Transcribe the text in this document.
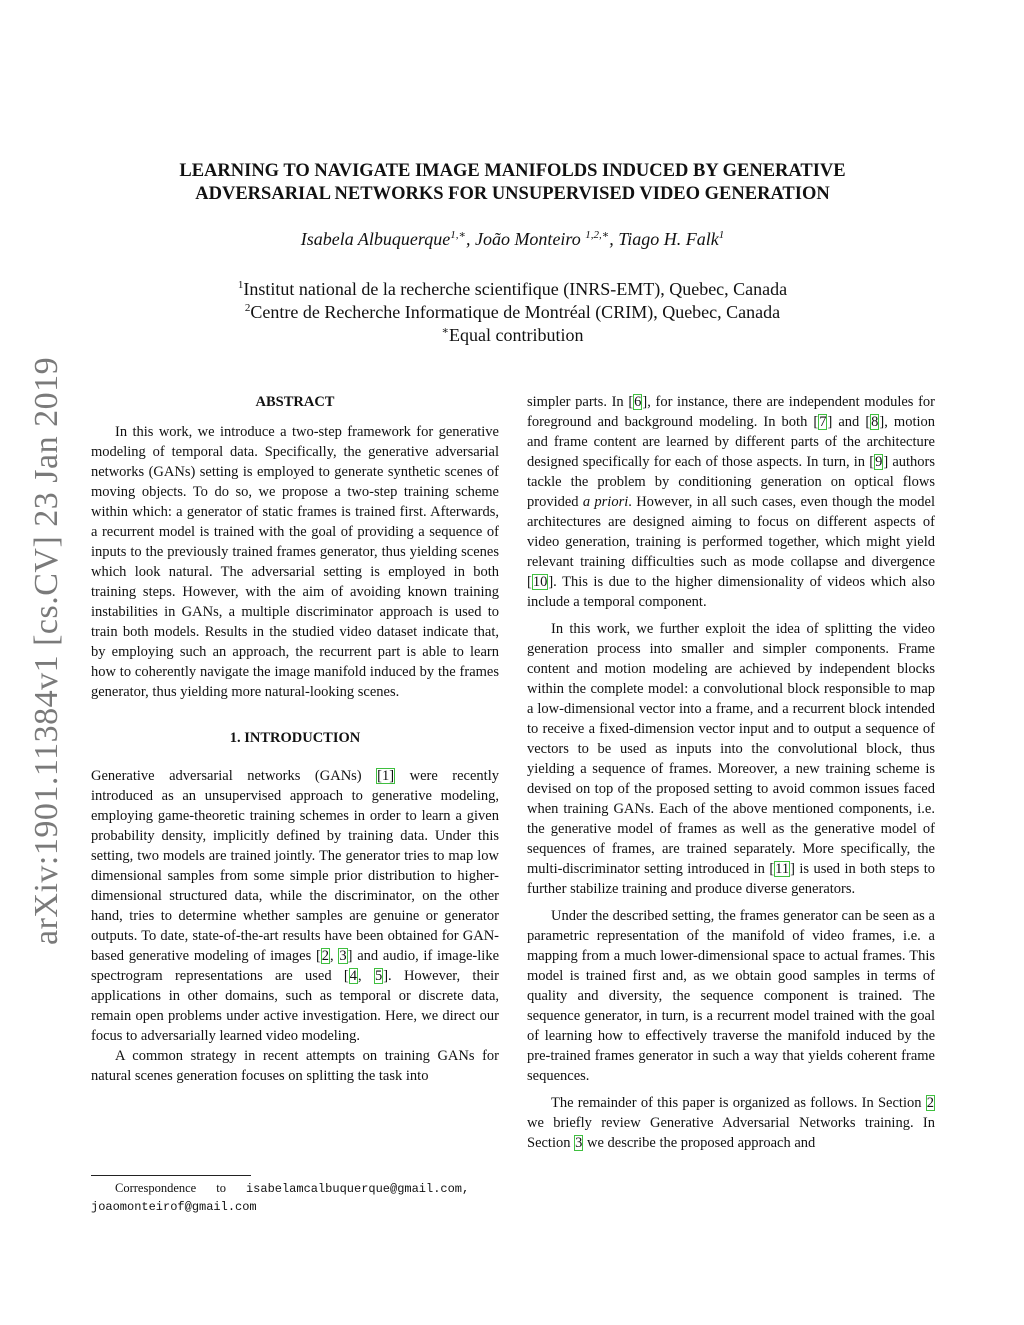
arXiv:1901.11384v1 [cs.CV] 23 Jan 2019
LEARNING TO NAVIGATE IMAGE MANIFOLDS INDUCED BY GENERATIVE
ADVERSARIAL NETWORKS FOR UNSUPERVISED VIDEO GENERATION
Isabela Albuquerque$^{1,∗}$, João Monteiro $^{1,2,∗}$, Tiago H. Falk$^1$
$^1$Institut national de la recherche scientifique (INRS-EMT), Quebec, Canada
$^2$Centre de Recherche Informatique de Montréal (CRIM), Quebec, Canada
∗Equal contribution
ABSTRACT

In this work, we introduce a two-step framework for generative modeling of temporal data. Specifically, the generative adversarial networks (GANs) setting is employed to generate synthetic scenes of moving objects. To do so, we propose a two-step training scheme within which: a generator of static frames is trained first. Afterwards, a recurrent model is trained with the goal of providing a sequence of inputs to the previously trained frames generator, thus yielding scenes which look natural. The adversarial setting is employed in both training steps. However, with the aim of avoiding known training instabilities in GANs, a multiple discriminator approach is used to train both models. Results in the studied video dataset indicate that, by employing such an approach, the recurrent part is able to learn how to coherently navigate the image manifold induced by the frames generator, thus yielding more natural-looking scenes.

1. INTRODUCTION

Generative adversarial networks (GANs) [1] were recently introduced as an unsupervised approach to generative modeling, employing game-theoretic training schemes in order to learn a given probability density, implicitly defined by training data. Under this setting, two models are trained jointly. The generator tries to map low dimensional samples from some simple prior distribution to higher-dimensional structured data, while the discriminator, on the other hand, tries to determine whether samples are genuine or generator outputs. To date, state-of-the-art results have been obtained for GAN-based generative modeling of images [2, 3] and audio, if image-like spectrogram representations are used [4, 5]. However, their applications in other domains, such as temporal or discrete data, remain open problems under active investigation. Here, we direct our focus to adversarially learned video modeling.

A common strategy in recent attempts on training GANs for natural scenes generation focuses on splitting the task into

simpler parts. In [6], for instance, there are independent modules for foreground and background modeling. In both [7] and [8], motion and frame content are learned by different parts of the architecture designed specifically for each of those aspects. In turn, in [9] authors tackle the problem by conditioning generation on optical flows provided a priori. However, in all such cases, even though the model architectures are designed aiming to focus on different aspects of video generation, training is performed together, which might yield relevant training difficulties such as mode collapse and divergence [10]. This is due to the higher dimensionality of videos which also include a temporal component.

In this work, we further exploit the idea of splitting the video generation process into smaller and simpler components. Frame content and motion modeling are achieved by independent blocks within the complete model: a convolutional block responsible to map a low-dimensional vector into a frame, and a recurrent block intended to receive a fixed-dimension vector input and to output a sequence of vectors to be used as inputs into the convolutional block, thus yielding a sequence of frames. Moreover, a new training scheme is devised on top of the proposed setting to avoid common issues faced when training GANs. Each of the above mentioned components, i.e. the generative model of frames as well as the generative model of sequences of frames, are trained separately. More specifically, the multi-discriminator setting introduced in [11] is used in both steps to further stabilize training and produce diverse generators.

Under the described setting, the frames generator can be seen as a parametric representation of the manifold of video frames, i.e. a mapping from a much lower-dimensional space to actual frames. This model is trained first and, as we obtain good samples in terms of quality and diversity, the sequence component is trained. The sequence generator, in turn, is a recurrent model trained with the goal of learning how to effectively traverse the manifold induced by the pre-trained frames generator in such a way that yields coherent frame sequences.

The remainder of this paper is organized as follows. In Section 2 we briefly review Generative Adversarial Networks training. In Section 3 we describe the proposed approach and

Correspondence to isabelamcalbuquerque@gmail.com,
joaomonteirof@gmail.com
